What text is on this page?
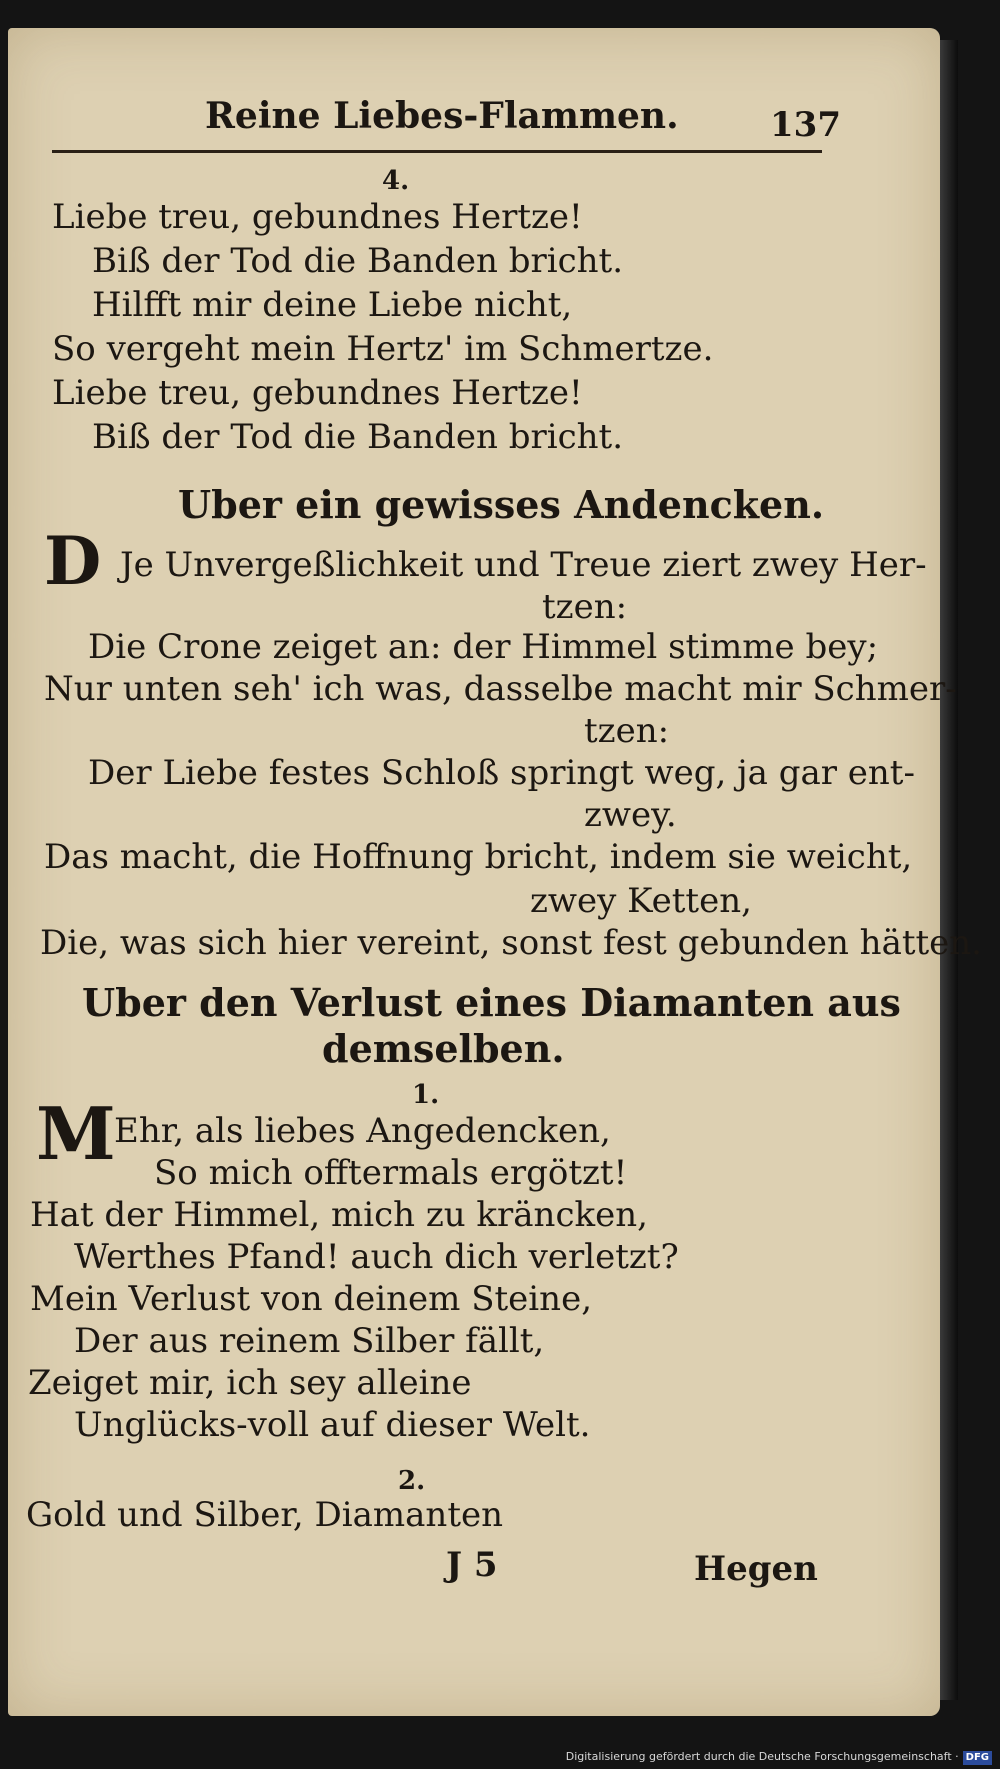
Reine Liebes-Flammen.	137
4.
Liebe treu, gebundnes Hertze!
Biß der Tod die Banden bricht.
Hilfft mir deine Liebe nicht,
So vergeht mein Hertz' im Schmertze.
Liebe treu, gebundnes Hertze!
Biß der Tod die Banden bricht.
Uber ein gewisses Andencken.
D Je Unvergeßlichkeit und Treue ziert zwey Her-
tzen:
Die Crone zeiget an: der Himmel stimme bey;
Nur unten seh' ich was, dasselbe macht mir Schmer-
tzen:
Der Liebe festes Schloß springt weg, ja gar ent-
zwey.
Das macht, die Hoffnung bricht, indem sie weicht,
zwey Ketten,
Die, was sich hier vereint, sonst fest gebunden hätten.
Uber den Verlust eines Diamanten aus
demselben.
1.
M
Ehr, als liebes Angedencken,
So mich offtermals ergötzt!
Hat der Himmel, mich zu kräncken,
Werthes Pfand! auch dich verletzt?
Mein Verlust von deinem Steine,
Der aus reinem Silber fällt,
Zeiget mir, ich sey alleine
Unglücks-voll auf dieser Welt.
2.
Gold und Silber, Diamanten
J 5	Hegen
Digitalisierung gefördert durch die Deutsche Forschungsgemeinschaft · DFG
